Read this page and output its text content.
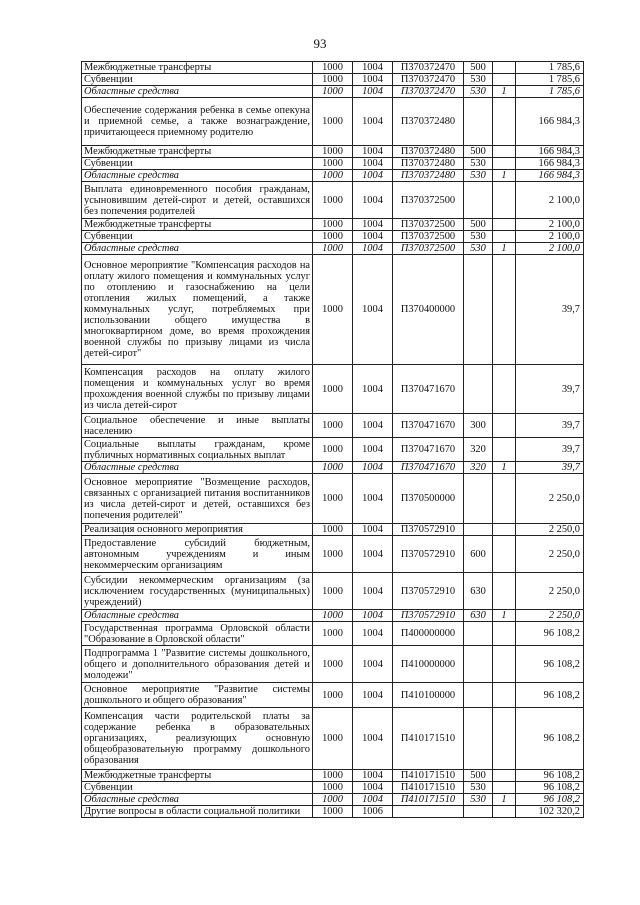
93
Межбюджетные трансферты	1000	1004	П370372470	500		1 785,6
Субвенции	1000	1004	П370372470	530		1 785,6
Областные средства	1000	1004	П370372470	530	1	1 785,6
Обеспечение содержания ребенка в семье опекуна и приемной семье, а также вознаграждение, причитающееся приемному родителю	1000	1004	П370372480			166 984,3
Межбюджетные трансферты	1000	1004	П370372480	500		166 984,3
Субвенции	1000	1004	П370372480	530		166 984,3
Областные средства	1000	1004	П370372480	530	1	166 984,3
Выплата единовременного пособия гражданам, усыновившим детей-сирот и детей, оставшихся без попечения родителей	1000	1004	П370372500			2 100,0
Межбюджетные трансферты	1000	1004	П370372500	500		2 100,0
Субвенции	1000	1004	П370372500	530		2 100,0
Областные средства	1000	1004	П370372500	530	1	2 100,0
Основное мероприятие "Компенсация расходов на оплату жилого помещения и коммунальных услуг по отоплению и газоснабжению на цели отопления жилых помещений, а также коммунальных услуг, потребляемых при использовании общего имущества в многоквартирном доме, во время прохождения военной службы по призыву лицами из числа детей-сирот"	1000	1004	П370400000			39,7
Компенсация расходов на оплату жилого помещения и коммунальных услуг во время прохождения военной службы по призыву лицами из числа детей-сирот	1000	1004	П370471670			39,7
Социальное обеспечение и иные выплаты населению	1000	1004	П370471670	300		39,7
Социальные выплаты гражданам, кроме публичных нормативных социальных выплат	1000	1004	П370471670	320		39,7
Областные средства	1000	1004	П370471670	320	1	39,7
Основное мероприятие "Возмещение расходов, связанных с организацией питания воспитанников из числа детей-сирот и детей, оставшихся без попечения родителей"	1000	1004	П370500000			2 250,0
Реализация основного мероприятия	1000	1004	П370572910			2 250,0
Предоставление субсидий бюджетным, автономным учреждениям и иным некоммерческим организациям	1000	1004	П370572910	600		2 250,0
Субсидии некоммерческим организациям (за исключением государственных (муниципальных) учреждений)	1000	1004	П370572910	630		2 250,0
Областные средства	1000	1004	П370572910	630	1	2 250,0
Государственная программа Орловской области "Образование в Орловской области"	1000	1004	П400000000			96 108,2
Подпрограмма 1 "Развитие системы дошкольного, общего и дополнительного образования детей и молодежи"	1000	1004	П410000000			96 108,2
Основное мероприятие "Развитие системы дошкольного и общего образования"	1000	1004	П410100000			96 108,2
Компенсация части родительской платы за содержание ребенка в образовательных организациях, реализующих основную общеобразовательную программу дошкольного образования	1000	1004	П410171510			96 108,2
Межбюджетные трансферты	1000	1004	П410171510	500		96 108,2
Субвенции	1000	1004	П410171510	530		96 108,2
Областные средства	1000	1004	П410171510	530	1	96 108,2
Другие вопросы в области социальной политики	1000	1006				102 320,2
